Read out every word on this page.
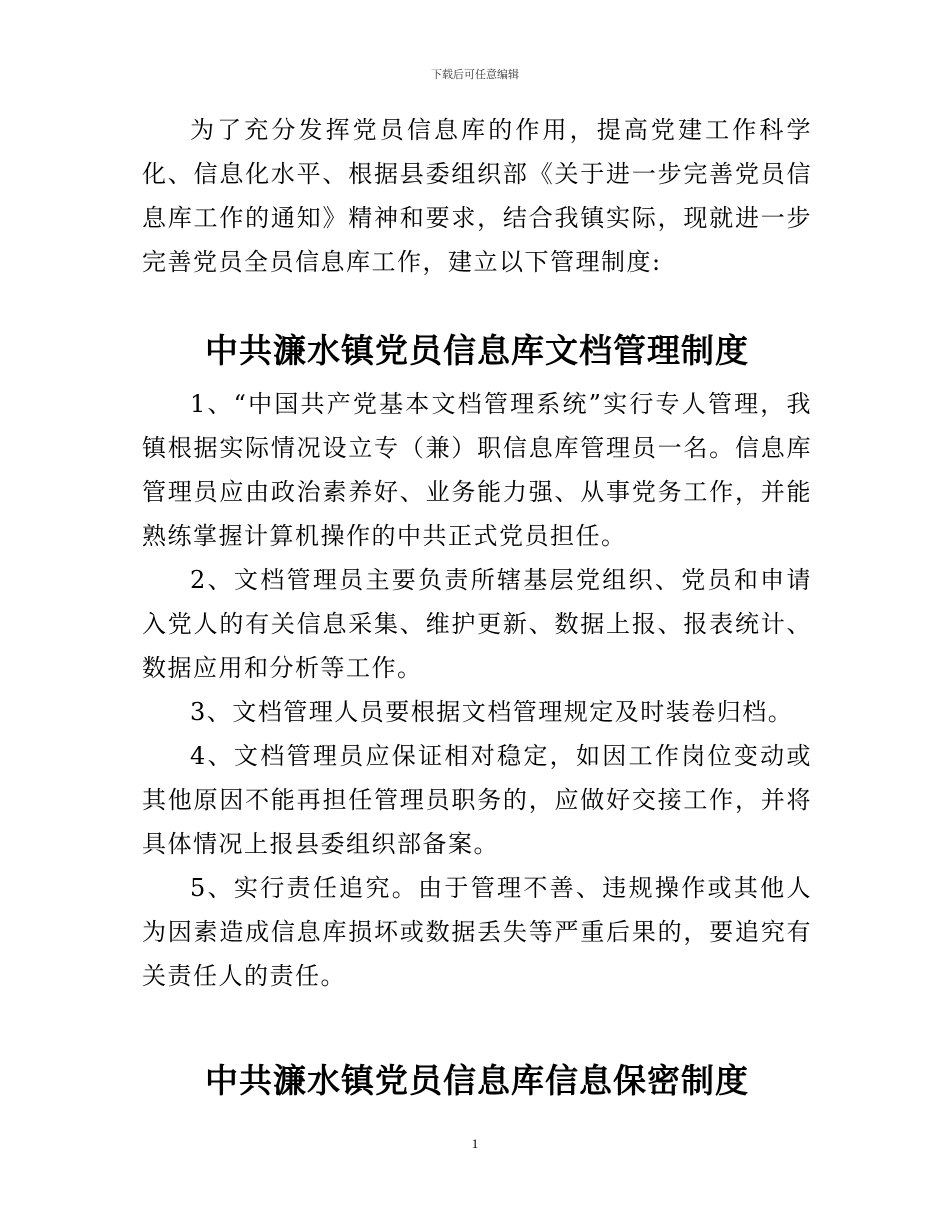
下载后可任意编辑

为了充分发挥党员信息库的作用，提高党建工作科学化、信息化水平、根据县委组织部《关于进一步完善党员信息库工作的通知》精神和要求，结合我镇实际，现就进一步完善党员全员信息库工作，建立以下管理制度:

中共濂水镇党员信息库文档管理制度

1、“中国共产党基本文档管理系统”实行专人管理，我镇根据实际情况设立专（兼）职信息库管理员一名。信息库管理员应由政治素养好、业务能力强、从事党务工作，并能熟练掌握计算机操作的中共正式党员担任。

2、文档管理员主要负责所辖基层党组织、党员和申请入党人的有关信息采集、维护更新、数据上报、报表统计、数据应用和分析等工作。

3、文档管理人员要根据文档管理规定及时装卷归档。

4、文档管理员应保证相对稳定，如因工作岗位变动或其他原因不能再担任管理员职务的，应做好交接工作，并将具体情况上报县委组织部备案。

5、实行责任追究。由于管理不善、违规操作或其他人为因素造成信息库损坏或数据丢失等严重后果的，要追究有关责任人的责任。

中共濂水镇党员信息库信息保密制度
1
